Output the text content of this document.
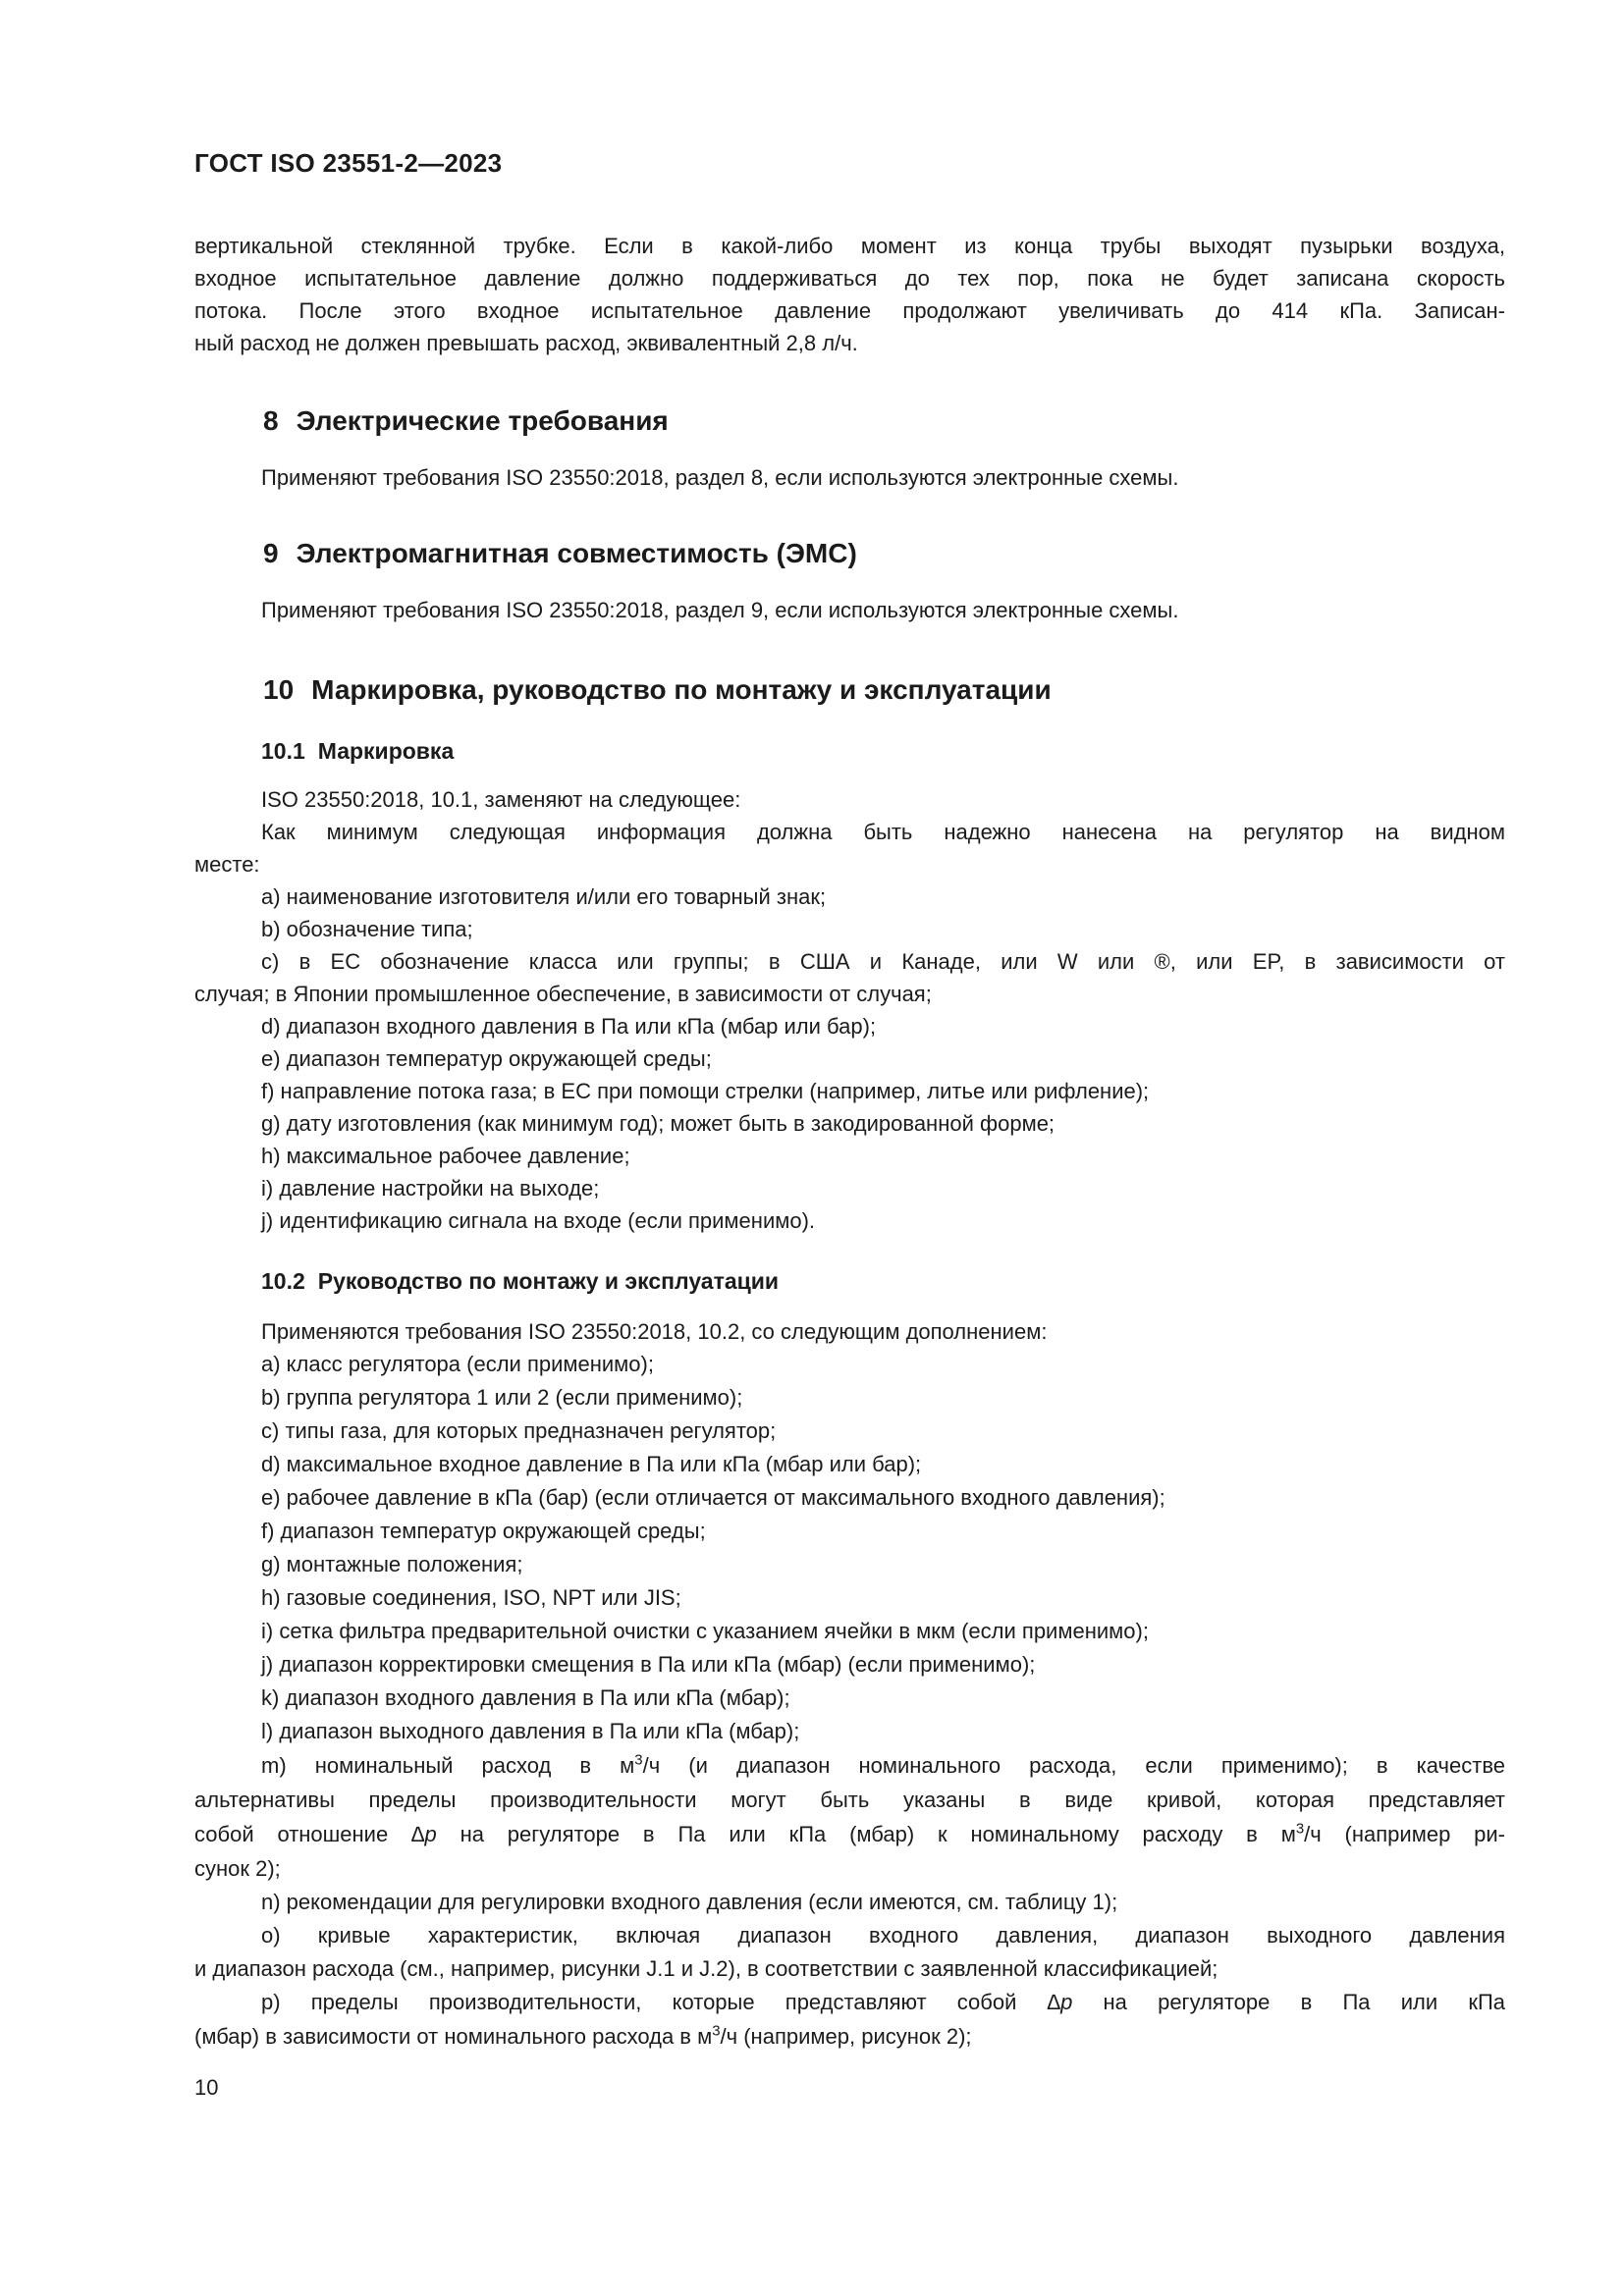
ГОСТ ISO 23551-2—2023
вертикальной стеклянной трубке. Если в какой-либо момент из конца трубы выходят пузырьки воздуха,
входное испытательное давление должно поддерживаться до тех пор, пока не будет записана скорость
потока. После этого входное испытательное давление продолжают увеличивать до 414 кПа. Записан-
ный расход не должен превышать расход, эквивалентный 2,8 л/ч.
8 Электрические требования
Применяют требования ISO 23550:2018, раздел 8, если используются электронные схемы.
9 Электромагнитная совместимость (ЭМС)
Применяют требования ISO 23550:2018, раздел 9, если используются электронные схемы.
10 Маркировка, руководство по монтажу и эксплуатации
10.1 Маркировка
ISO 23550:2018, 10.1, заменяют на следующее:
Как минимум следующая информация должна быть надежно нанесена на регулятор на видном
месте:
a) наименование изготовителя и/или его товарный знак;
b) обозначение типа;
c) в ЕС обозначение класса или группы; в США и Канаде, или W или ®, или EP, в зависимости от
случая; в Японии промышленное обеспечение, в зависимости от случая;
d) диапазон входного давления в Па или кПа (мбар или бар);
e) диапазон температур окружающей среды;
f) направление потока газа; в ЕС при помощи стрелки (например, литье или рифление);
g) дату изготовления (как минимум год); может быть в закодированной форме;
h) максимальное рабочее давление;
i) давление настройки на выходе;
j) идентификацию сигнала на входе (если применимо).
10.2 Руководство по монтажу и эксплуатации
Применяются требования ISO 23550:2018, 10.2, со следующим дополнением:
a) класс регулятора (если применимо);
b) группа регулятора 1 или 2 (если применимо);
c) типы газа, для которых предназначен регулятор;
d) максимальное входное давление в Па или кПа (мбар или бар);
e) рабочее давление в кПа (бар) (если отличается от максимального входного давления);
f) диапазон температур окружающей среды;
g) монтажные положения;
h) газовые соединения, ISO, NPT или JIS;
i) сетка фильтра предварительной очистки с указанием ячейки в мкм (если применимо);
j) диапазон корректировки смещения в Па или кПа (мбар) (если применимо);
k) диапазон входного давления в Па или кПа (мбар);
l) диапазон выходного давления в Па или кПа (мбар);
m) номинальный расход в $м^3/ч$ (и диапазон номинального расхода, если применимо); в качестве
альтернативы пределы производительности могут быть указаны в виде кривой, которая представляет
собой отношение ∆p на регуляторе в Па или кПа (мбар) к номинальному расходу в $м^3/ч$ (например ри-
сунок 2);
n) рекомендации для регулировки входного давления (если имеются, см. таблицу 1);
o) кривые характеристик, включая диапазон входного давления, диапазон выходного давления
и диапазон расхода (см., например, рисунки J.1 и J.2), в соответствии с заявленной классификацией;
p) пределы производительности, которые представляют собой ∆p на регуляторе в Па или кПа
(мбар) в зависимости от номинального расхода в $м^3/ч$ (например, рисунок 2);
10
